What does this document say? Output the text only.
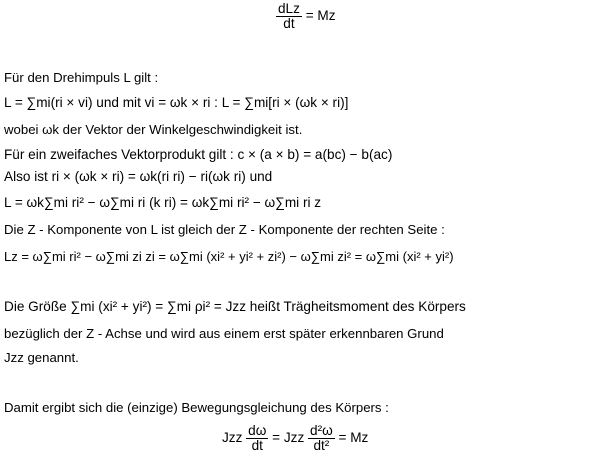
$\frac{\text{dLz}}{dt} = Mz$
Für den Drehimpuls L gilt :
L = ∑mi(ri × vi) und mit vi = ωk × ri : L = ∑mi[ri × (ωk × ri)]
wobei ωk der Vektor der Winkelgeschwindigkeit ist.
Für ein zweifaches Vektorprodukt gilt : c × (a × b) = a(bc) − b(ac)
Also ist ri × (ωk × ri) = ωk(ri ri) − ri(ωk ri) und
L = ωk∑mi ri² − ω∑mi ri (k ri) = ωk∑mi ri² − ω∑mi ri z
Die Z - Komponente von L ist gleich der Z - Komponente der rechten Seite :
Lz = ω∑mi ri² − ω∑mi zi zi = ω∑mi (xi² + yi² + zi²) − ω∑mi zi² = ω∑mi (xi² + yi²)
Die Größe ∑mi (xi² + yi²) = ∑mi ρi² = Jzz heißt Trägheitsmoment des Körpers
bezüglich der Z - Achse und wird aus einem erst später erkennbaren Grund
Jzz genannt.
Damit ergibt sich die (einzige) Bewegungsgleichung des Körpers :
Jzz $\frac{d\omega}{dt}$ = Jzz $\frac{\text{d²ω}}{\text{dt²}} = Mz$
